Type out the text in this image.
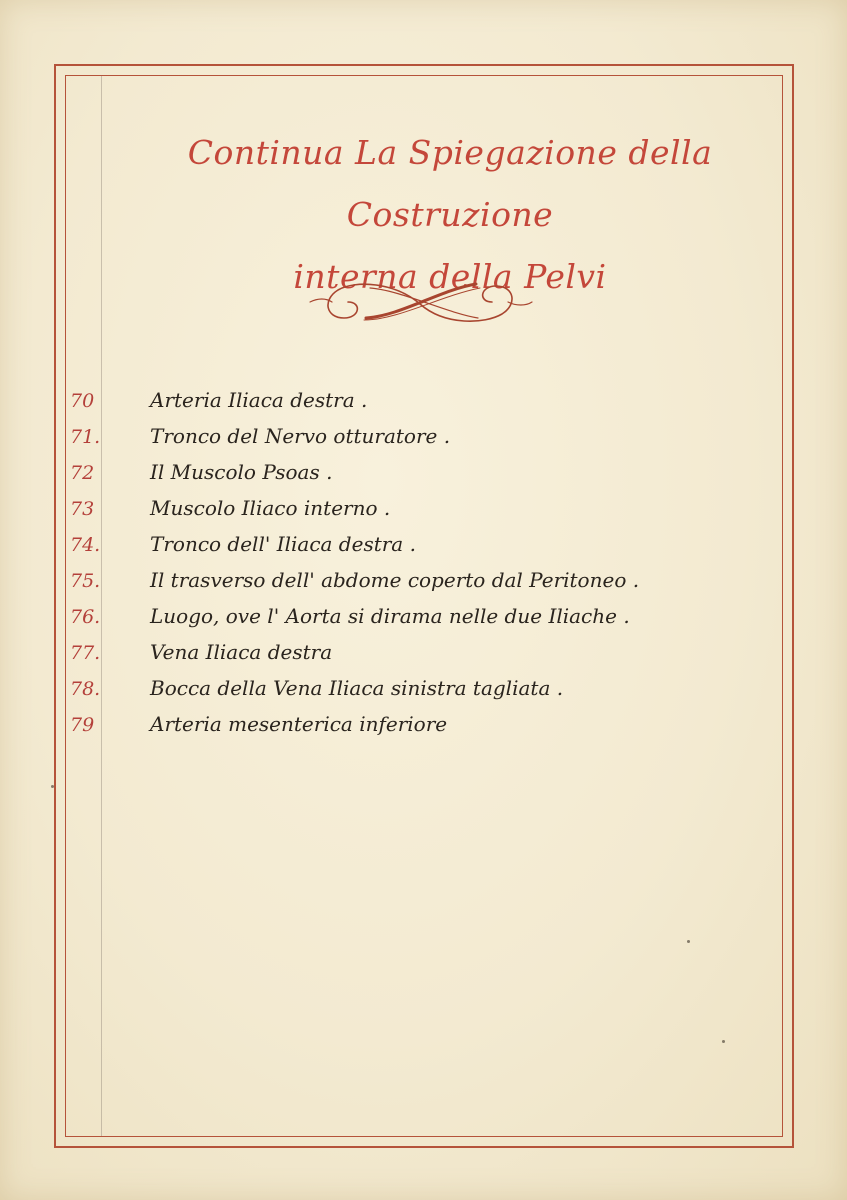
Continua La Spiegazione della Costruzione
interna della Pelvi
70	Arteria Iliaca destra .
71. Tronco del Nervo otturatore .
72	Il Muscolo Psoas .
73	Muscolo Iliaco interno .
74. Tronco dell' Iliaca destra .
75. Il trasverso dell' abdome coperto dal Peritoneo .
76. Luogo, ove l' Aorta si dirama nelle due Iliache .
77. Vena Iliaca destra
78. Bocca della Vena Iliaca sinistra tagliata .
79	Arteria mesenterica inferiore
